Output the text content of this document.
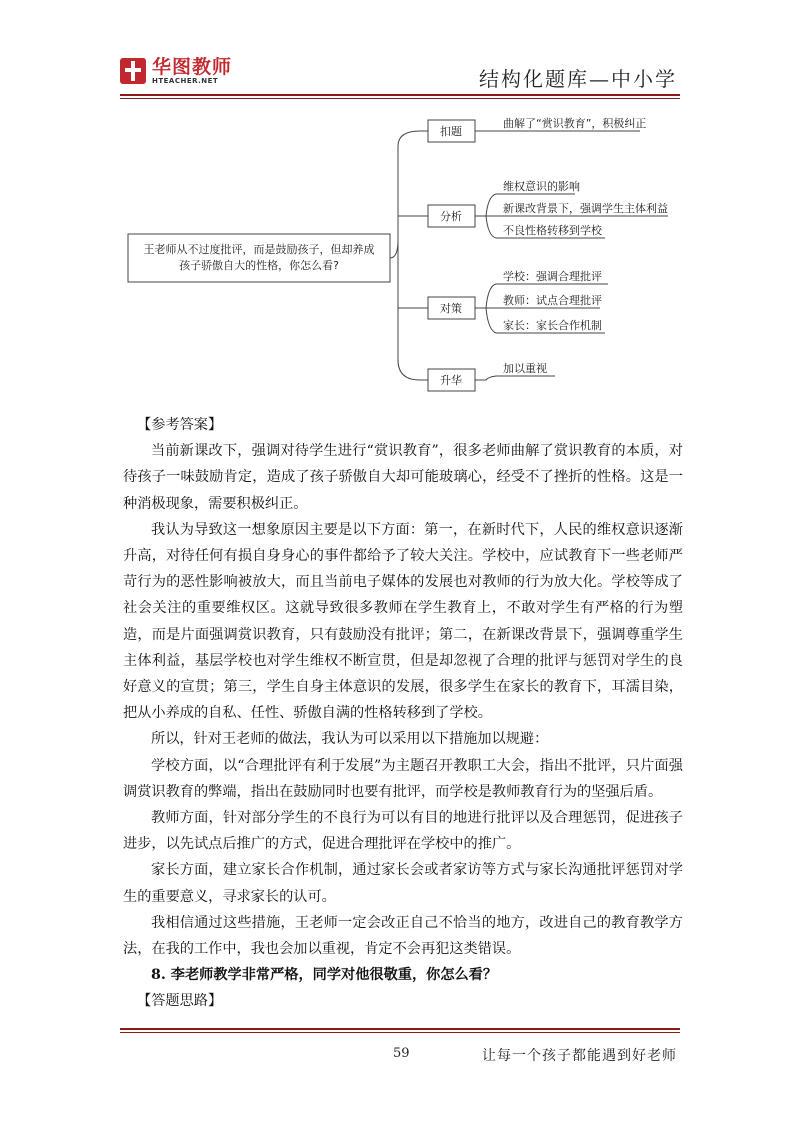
华图教师
HTEACHER.NET	结构化题库—中小学
王老师从不过度批评，而是鼓励孩子，但却养成
孩子骄傲自大的性格，你怎么看?
扣题
曲解了“赏识教育”，积极纠正
分析
维权意识的影响
新课改背景下，强调学生主体利益
不良性格转移到学校
对策
学校：强调合理批评
教师：试点合理批评
家长：家长合作机制
升华
加以重视

【参考答案】

当前新课改下，强调对待学生进行“赏识教育”，很多老师曲解了赏识教育的本质，对待孩子一味鼓励肯定，造成了孩子骄傲自大却可能玻璃心，经受不了挫折的性格。这是一种消极现象，需要积极纠正。

我认为导致这一想象原因主要是以下方面：第一，在新时代下，人民的维权意识逐渐升高，对待任何有损自身身心的事件都给予了较大关注。学校中，应试教育下一些老师严苛行为的恶性影响被放大，而且当前电子媒体的发展也对教师的行为放大化。学校等成了社会关注的重要维权区。这就导致很多教师在学生教育上，不敢对学生有严格的行为塑造，而是片面强调赏识教育，只有鼓励没有批评；第二，在新课改背景下，强调尊重学生主体利益，基层学校也对学生维权不断宣贯，但是却忽视了合理的批评与惩罚对学生的良好意义的宣贯；第三，学生自身主体意识的发展，很多学生在家长的教育下，耳濡目染，把从小养成的自私、任性、骄傲自满的性格转移到了学校。

所以，针对王老师的做法，我认为可以采用以下措施加以规避：

学校方面，以“合理批评有利于发展”为主题召开教职工大会，指出不批评，只片面强调赏识教育的弊端，指出在鼓励同时也要有批评，而学校是教师教育行为的坚强后盾。

教师方面，针对部分学生的不良行为可以有目的地进行批评以及合理惩罚，促进孩子进步，以先试点后推广的方式，促进合理批评在学校中的推广。

家长方面，建立家长合作机制，通过家长会或者家访等方式与家长沟通批评惩罚对学生的重要意义，寻求家长的认可。

我相信通过这些措施，王老师一定会改正自己不恰当的地方，改进自己的教育教学方法，在我的工作中，我也会加以重视，肯定不会再犯这类错误。

8. 李老师教学非常严格，同学对他很敬重，你怎么看？

【答题思路】

59	让每一个孩子都能遇到好老师
